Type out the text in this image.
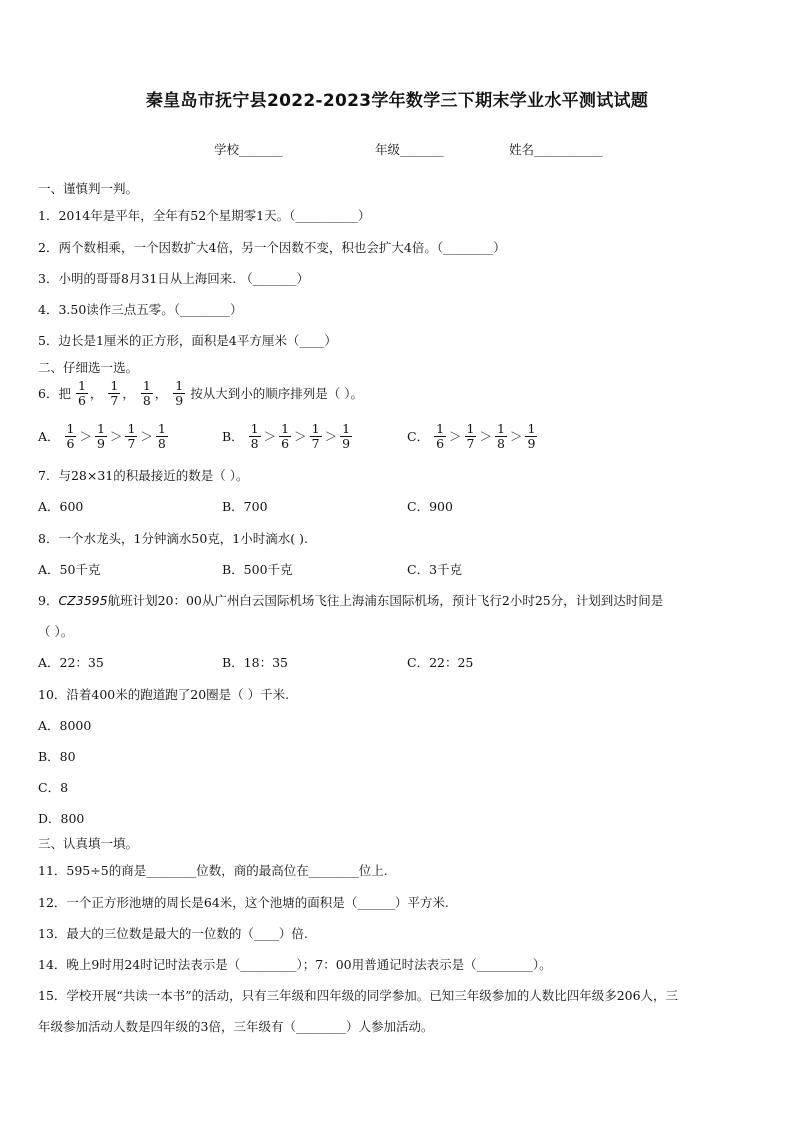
秦皇岛市抚宁县2022-2023学年数学三下期末学业水平测试试题
学校_______	年级_______	姓名___________
一、谨慎判一判。
1．2014年是平年，全年有52个星期零1天。（__________）
2．两个数相乘，一个因数扩大4倍，另一个因数不变，积也会扩大4倍。（________）
3．小明的哥哥8月31日从上海回来. （_______）
4．3.50读作三点五零。（________）
5．边长是1厘米的正方形，面积是4平方厘米（____）
二、仔细选一选。
6．把 $\frac{1}{6}$ ， $\frac{1}{7}$ ， $\frac{1}{8}$ ， $\frac{1}{9}$ 按从大到小的顺序排列是（ ）。
A． $\frac{1}{6} > \frac{1}{9} > \frac{1}{7} > \frac{1}{8}$	B． $\frac{1}{8} > \frac{1}{6} > \frac{1}{7} > \frac{1}{9}$	C． $\frac{1}{6} > \frac{1}{7} > \frac{1}{8} > \frac{1}{9}$
7．与28×31的积最接近的数是（ ）。
A．600	B．700	C．900
8．一个水龙头，1分钟滴水50克，1小时滴水( ).
A．50千克	B．500千克	C．3千克
9．CZ3595航班计划20：00从广州白云国际机场飞往上海浦东国际机场，预计飞行2小时25分，计划到达时间是
（ ）。
A．22：35	B．18：35	C．22：25
10．沿着400米的跑道跑了20圈是（ ）千米.
A．8000
B．80
C．8
D．800
三、认真填一填。
11．595÷5的商是________位数，商的最高位在________位上.
12．一个正方形池塘的周长是64米，这个池塘的面积是（______）平方米.
13．最大的三位数是最大的一位数的（____）倍.
14．晚上9时用24时记时法表示是（_________）；7：00用普通记时法表示是（_________）。
15．学校开展“共读一本书”的活动，只有三年级和四年级的同学参加。已知三年级参加的人数比四年级多206人，三
年级参加活动人数是四年级的3倍，三年级有（________）人参加活动。
